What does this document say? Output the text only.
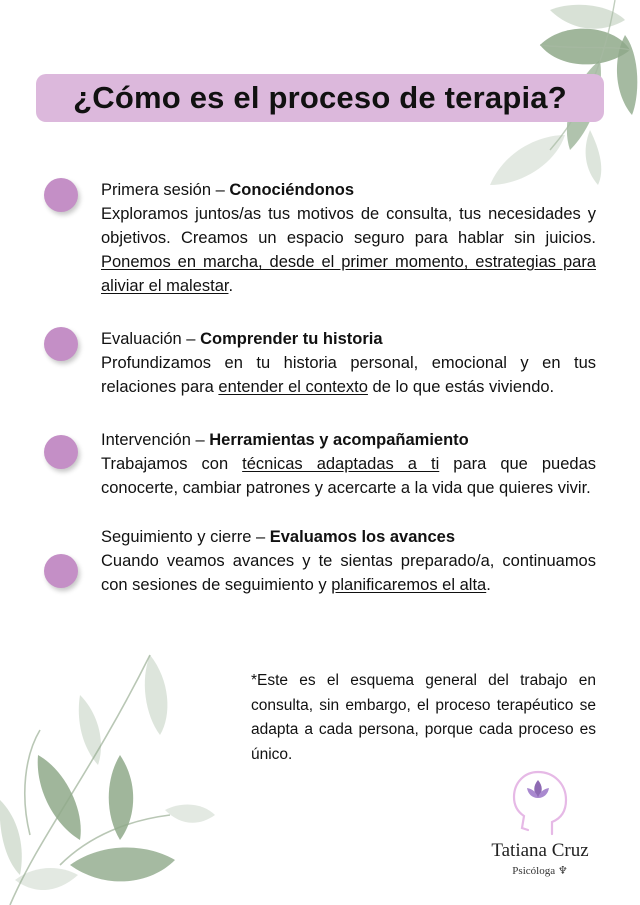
¿Cómo es el proceso de terapia?
Primera sesión – Conociéndonos
Exploramos juntos/as tus motivos de consulta, tus necesidades y objetivos. Creamos un espacio seguro para hablar sin juicios. Ponemos en marcha, desde el primer momento, estrategias para aliviar el malestar.
Evaluación – Comprender tu historia
Profundizamos en tu historia personal, emocional y en tus relaciones para entender el contexto de lo que estás viviendo.
Intervención – Herramientas y acompañamiento
Trabajamos con técnicas adaptadas a ti para que puedas conocerte, cambiar patrones y acercarte a la vida que quieres vivir.
Seguimiento y cierre – Evaluamos los avances
Cuando veamos avances y te sientas preparado/a, continuamos con sesiones de seguimiento y planificaremos el alta.
*Este es el esquema general del trabajo en consulta, sin embargo, el proceso terapéutico se adapta a cada persona, porque cada proceso es único.
Tatiana Cruz
Psicóloga ♆
